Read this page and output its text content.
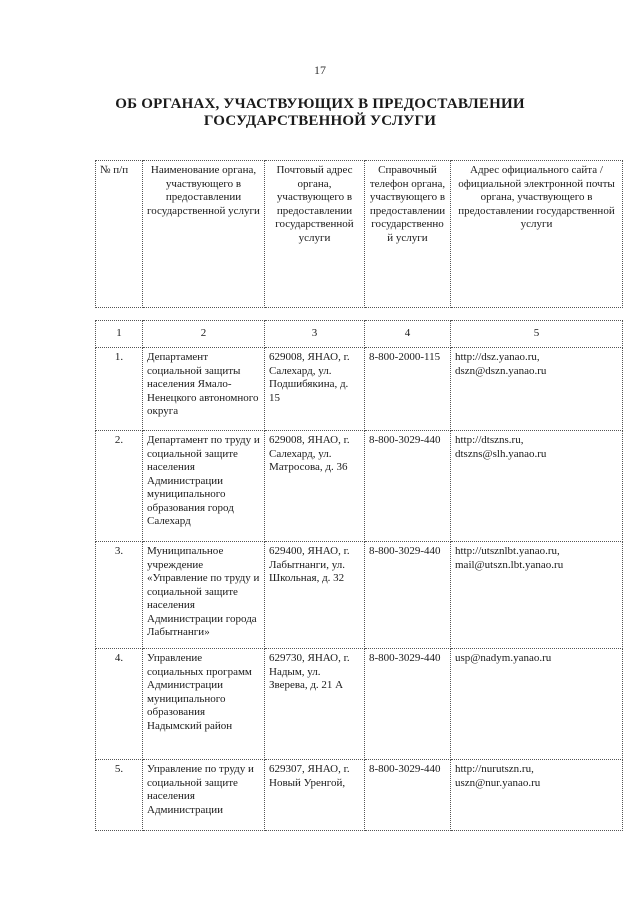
17
ОБ ОРГАНАХ, УЧАСТВУЮЩИХ В ПРЕДОСТАВЛЕНИИ
ГОСУДАРСТВЕННОЙ УСЛУГИ
№ п/п	Наименование органа, участвующего в предоставлении государственной услуги	Почтовый адрес органа, участвующего в предоставлении государственной услуги	Справочный телефон органа, участвующего в предоставлении государственной услуги	Адрес официального сайта /официальной электронной почты органа, участвующего в предоставлении государственной услуги
1	2	3	4	5
1.	Департамент социальной защиты населения Ямало-Ненецкого автономного округа	629008, ЯНАО, г. Салехард, ул. Подшибякина, д. 15	8-800-2000-115	http://dsz.yanao.ru,
dszn@dszn.yanao.ru

2.	Департамент по труду и социальной защите населения Администрации муниципального образования город Салехард	629008, ЯНАО, г. Салехард, ул. Матросова, д. 36	8-800-3029-440	http://dtszns.ru,
dtszns@slh.yanao.ru

3.	Муниципальное учреждение «Управление по труду и социальной защите населения Администрации города Лабытнанги»	629400, ЯНАО, г. Лабытнанги, ул. Школьная, д. 32	8-800-3029-440	http://utsznlbt.yanao.ru,
mail@utszn.lbt.yanao.ru

4.	Управление социальных программ Администрации муниципального образования Надымский район	629730, ЯНАО, г. Надым, ул. Зверева, д. 21 А	8-800-3029-440	usp@nadym.yanao.ru

5.	Управление по труду и социальной защите населения Администрации	629307, ЯНАО, г. Новый Уренгой,	8-800-3029-440	http://nurutszn.ru,
uszn@nur.yanao.ru
